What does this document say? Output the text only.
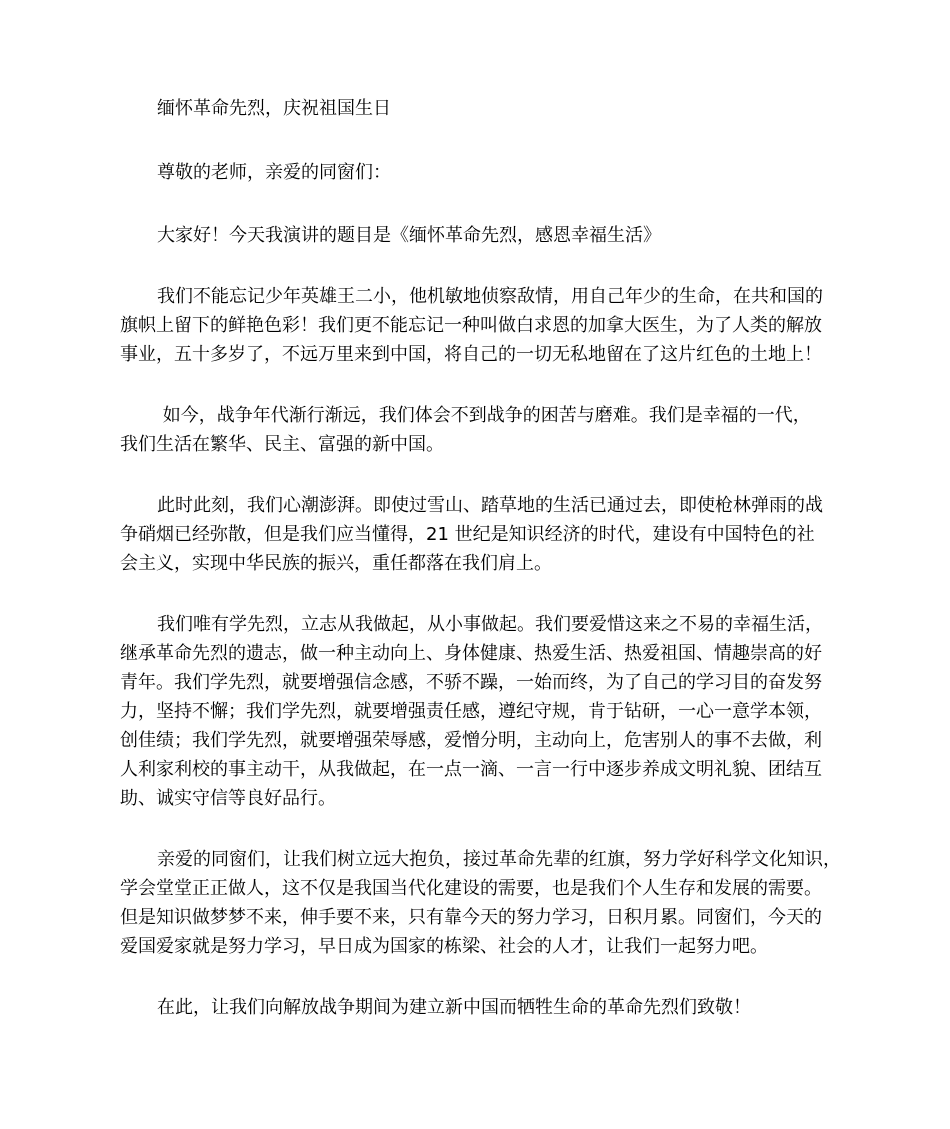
缅怀革命先烈，庆祝祖国生日
尊敬的老师，亲爱的同窗们：
大家好！今天我演讲的题目是《缅怀革命先烈，感恩幸福生活》
我们不能忘记少年英雄王二小，他机敏地侦察敌情，用自己年少的生命，在共和国的
旗帜上留下的鲜艳色彩！我们更不能忘记一种叫做白求恩的加拿大医生，为了人类的解放
事业，五十多岁了，不远万里来到中国，将自己的一切无私地留在了这片红色的土地上！
如今，战争年代渐行渐远，我们体会不到战争的困苦与磨难。我们是幸福的一代，
我们生活在繁华、民主、富强的新中国。
此时此刻，我们心潮澎湃。即使过雪山、踏草地的生活已通过去，即使枪林弹雨的战
争硝烟已经弥散，但是我们应当懂得，21 世纪是知识经济的时代，建设有中国特色的社
会主义，实现中华民族的振兴，重任都落在我们肩上。
我们唯有学先烈，立志从我做起，从小事做起。我们要爱惜这来之不易的幸福生活，
继承革命先烈的遗志，做一种主动向上、身体健康、热爱生活、热爱祖国、情趣崇高的好
青年。我们学先烈，就要增强信念感，不骄不躁，一始而终，为了自己的学习目的奋发努
力，坚持不懈；我们学先烈，就要增强责任感，遵纪守规，肯于钻研，一心一意学本领，
创佳绩；我们学先烈，就要增强荣辱感，爱憎分明，主动向上，危害别人的事不去做，利
人利家利校的事主动干，从我做起，在一点一滴、一言一行中逐步养成文明礼貌、团结互
助、诚实守信等良好品行。
亲爱的同窗们，让我们树立远大抱负，接过革命先辈的红旗，努力学好科学文化知识，
学会堂堂正正做人，这不仅是我国当代化建设的需要，也是我们个人生存和发展的需要。
但是知识做梦梦不来，伸手要不来，只有靠今天的努力学习，日积月累。同窗们，今天的
爱国爱家就是努力学习，早日成为国家的栋梁、社会的人才，让我们一起努力吧。
在此，让我们向解放战争期间为建立新中国而牺牲生命的革命先烈们致敬！
